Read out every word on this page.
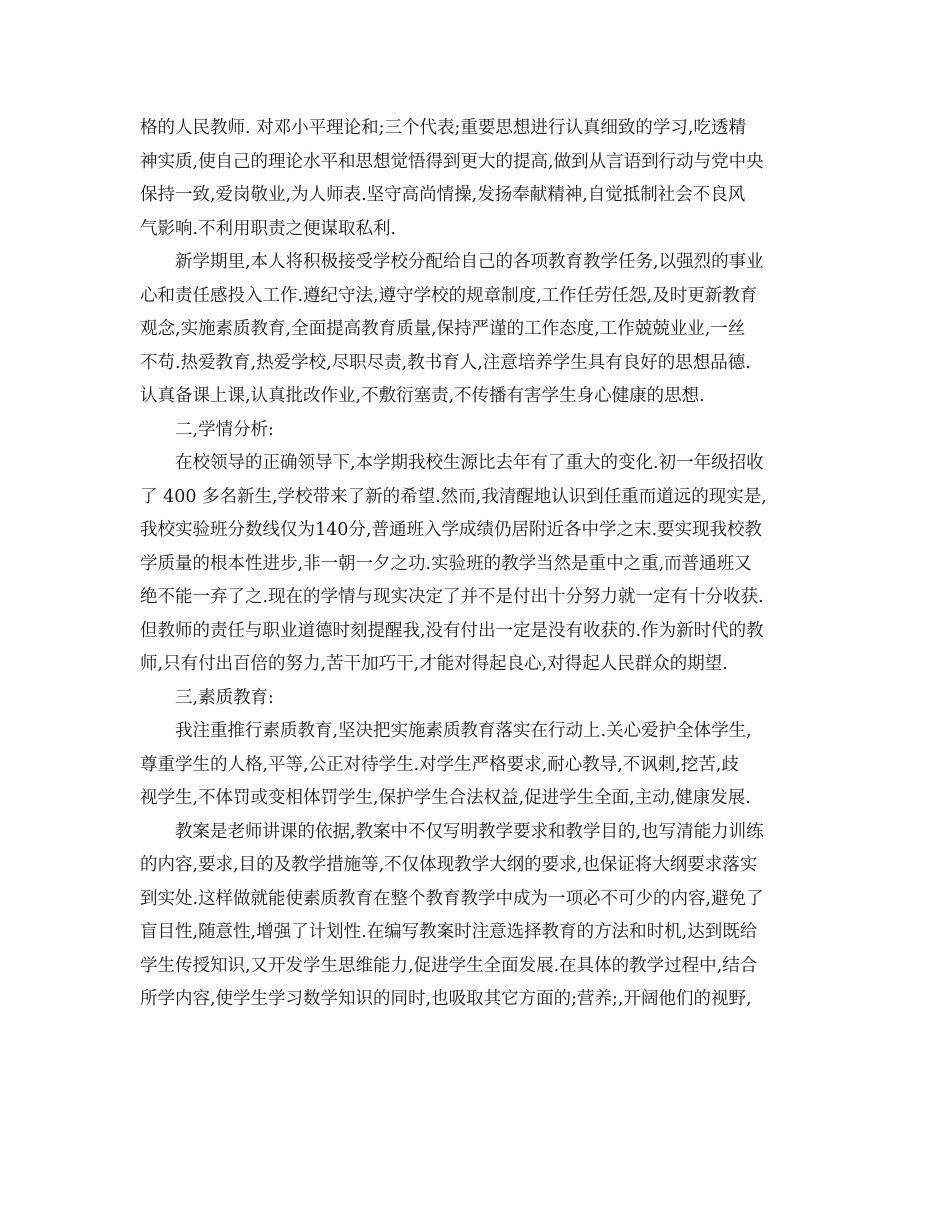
格的人民教师. 对邓小平理论和;三个代表;重要思想进行认真细致的学习,吃透精
神实质,使自己的理论水平和思想觉悟得到更大的提高,做到从言语到行动与党中央
保持一致,爱岗敬业,为人师表.坚守高尚情操,发扬奉献精神,自觉抵制社会不良风
气影响.不利用职责之便谋取私利.
新学期里,本人将积极接受学校分配给自己的各项教育教学任务,以强烈的事业
心和责任感投入工作.遵纪守法,遵守学校的规章制度,工作任劳任怨,及时更新教育
观念,实施素质教育,全面提高教育质量,保持严谨的工作态度,工作兢兢业业,一丝
不苟.热爱教育,热爱学校,尽职尽责,教书育人,注意培养学生具有良好的思想品德.
认真备课上课,认真批改作业,不敷衍塞责,不传播有害学生身心健康的思想.
二,学情分析:
在校领导的正确领导下,本学期我校生源比去年有了重大的变化.初一年级招收
了 400 多名新生,学校带来了新的希望.然而,我清醒地认识到任重而道远的现实是,
我校实验班分数线仅为140分,普通班入学成绩仍居附近各中学之末.要实现我校教
学质量的根本性进步,非一朝一夕之功.实验班的教学当然是重中之重,而普通班又
绝不能一弃了之.现在的学情与现实决定了并不是付出十分努力就一定有十分收获.
但教师的责任与职业道德时刻提醒我,没有付出一定是没有收获的.作为新时代的教
师,只有付出百倍的努力,苦干加巧干,才能对得起良心,对得起人民群众的期望.
三,素质教育:
我注重推行素质教育,坚决把实施素质教育落实在行动上.关心爱护全体学生,
尊重学生的人格,平等,公正对待学生.对学生严格要求,耐心教导,不讽刺,挖苦,歧
视学生,不体罚或变相体罚学生,保护学生合法权益,促进学生全面,主动,健康发展.
教案是老师讲课的依据,教案中不仅写明教学要求和教学目的,也写清能力训练
的内容,要求,目的及教学措施等,不仅体现教学大纲的要求,也保证将大纲要求落实
到实处.这样做就能使素质教育在整个教育教学中成为一项必不可少的内容,避免了
盲目性,随意性,增强了计划性.在编写教案时注意选择教育的方法和时机,达到既给
学生传授知识,又开发学生思维能力,促进学生全面发展.在具体的教学过程中,结合
所学内容,使学生学习数学知识的同时,也吸取其它方面的;营养;,开阔他们的视野,
